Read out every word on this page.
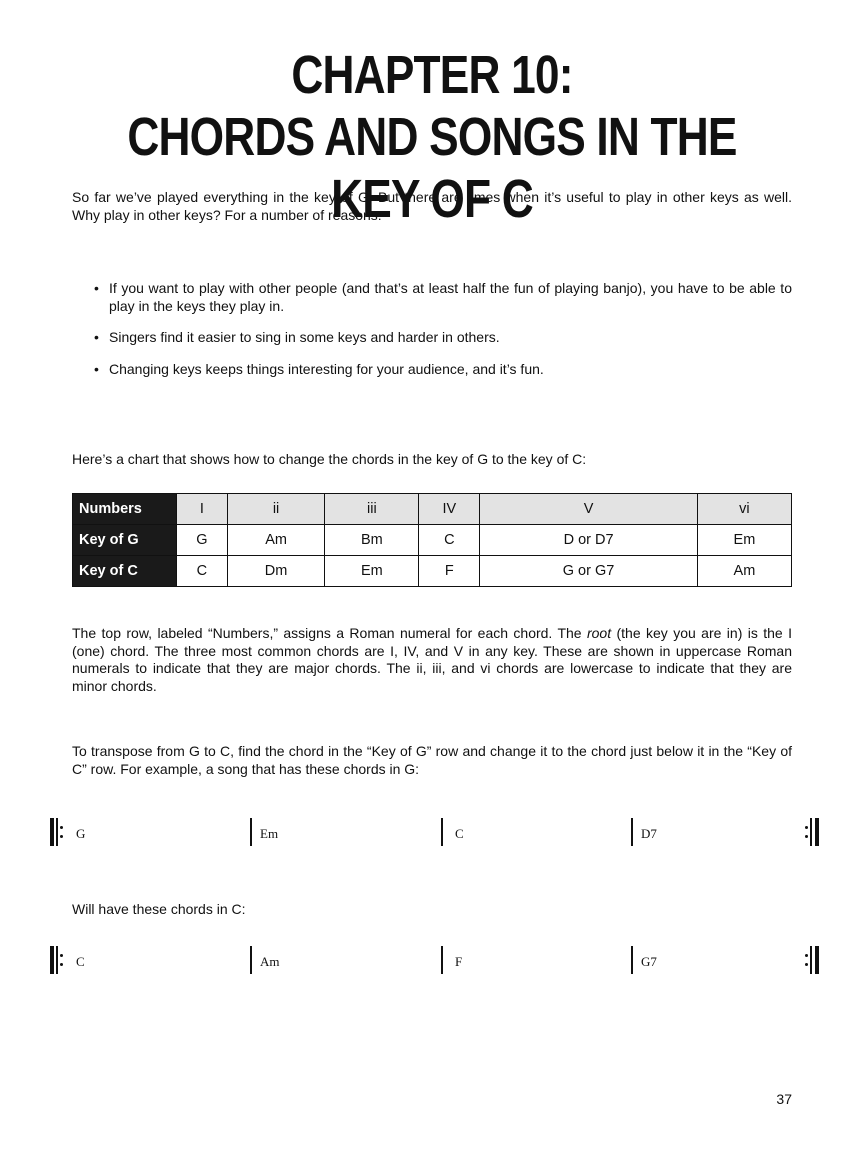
CHAPTER 10:
CHORDS AND SONGS IN THE KEY OF C

So far we’ve played everything in the key of G. But there are times when it’s useful to play in other keys as well. Why play in other keys? For a number of reasons:

• If you want to play with other people (and that’s at least half the fun of playing banjo), you have to be able to play in the keys they play in.
• Singers find it easier to sing in some keys and harder in others.
• Changing keys keeps things interesting for your audience, and it’s fun.

Here’s a chart that shows how to change the chords in the key of G to the key of C:

Numbers	I	ii	iii	IV	V	vi
Key of G	G	Am	Bm	C	D or D7	Em
Key of C	C	Dm	Em	F	G or G7	Am

The top row, labeled “Numbers,” assigns a Roman numeral for each chord. The root (the key you are in) is the I (one) chord. The three most common chords are I, IV, and V in any key. These are shown in uppercase Roman numerals to indicate that they are major chords. The ii, iii, and vi chords are lowercase to indicate that they are minor chords.

To transpose from G to C, find the chord in the “Key of G” row and change it to the chord just below it in the “Key of C” row. For example, a song that has these chords in G:

G	Em	C	D7

Will have these chords in C:

C	Am	F	G7
37
